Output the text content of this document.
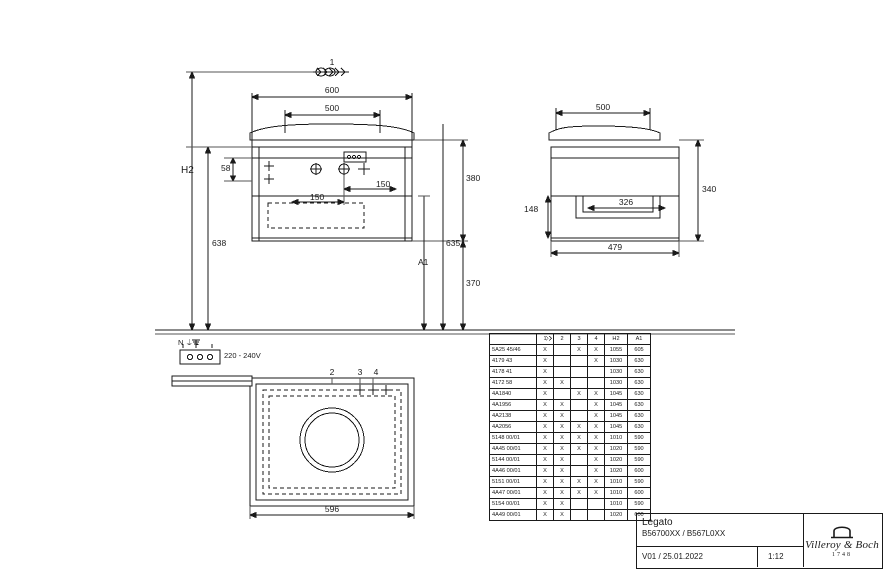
1
600
500
380
370
635
A1
638
H2	58
150
150
500
340
148
326
479
596
2	3 4
N ⏚ L
220 - 240V
	1	2	3	4	H2	A1
5A25 45/46	X		X	X	1055	605
4179 43	X			X	1030	630
4178 41	X				1030	630
4172 58	X	X			1030	630
4A1840	X		X	X	1045	630
4A1956	X	X		X	1045	630
4A2138	X	X		X	1045	630
4A2056	X	X	X	X	1045	630
5148 00/01	X	X	X	X	1010	590
4A45 00/01	X	X	X	X	1020	590
5144 00/01	X	X		X	1020	590
4A46 00/01	X	X		X	1020	600
5151 00/01	X	X	X	X	1010	590
4A47 00/01	X	X	X	X	1010	600
5154 00/01	X	X			1010	590
4A49 00/01	X	X			1020	600
Legato
B56700XX / B567L0XX
V01 / 25.01.2022	1:12
Villeroy & Boch
1748
